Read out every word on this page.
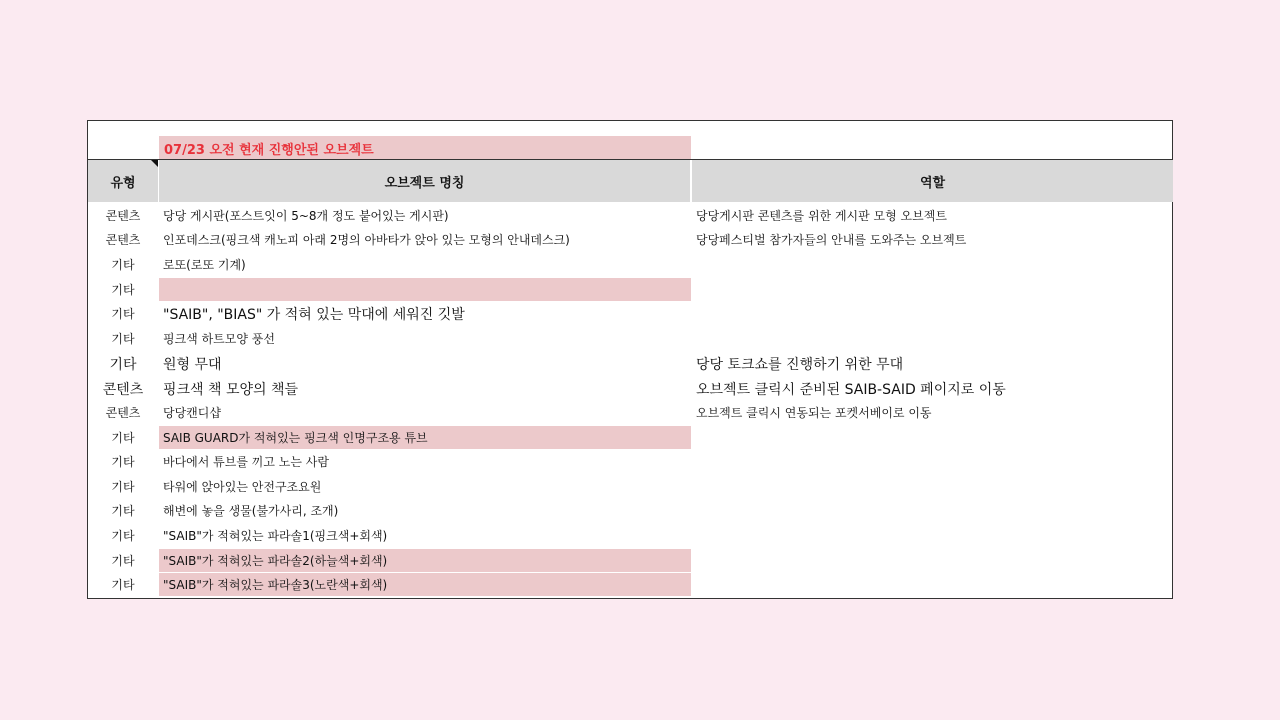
07/23 오전 현재 진행안된 오브젝트
유형	오브젝트 명칭	역할
콘텐츠	당당 게시판(포스트잇이 5~8개 정도 붙어있는 게시판)	당당게시판 콘텐츠를 위한 게시판 모형 오브젝트
콘텐츠	인포데스크(핑크색 캐노피 아래 2명의 아바타가 앉아 있는 모형의 안내데스크)	당당페스티벌 참가자들의 안내를 도와주는 오브젝트
기타	로또(로또 기계)
기타
기타	"SAIB", "BIAS" 가 적혀 있는 막대에 세워진 깃발
기타	핑크색 하트모양 풍선
기타	원형 무대	당당 토크쇼를 진행하기 위한 무대
콘텐츠	핑크색 책 모양의 책들	오브젝트 클릭시 준비된 SAIB-SAID 페이지로 이동
콘텐츠	당당캔디샵	오브젝트 클릭시 연동되는 포켓서베이로 이동
기타	SAIB GUARD가 적혀있는 핑크색 인명구조용 튜브
기타	바다에서 튜브를 끼고 노는 사람
기타	타워에 앉아있는 안전구조요원
기타	해변에 놓을 생물(불가사리, 조개)
기타	"SAIB"가 적혀있는 파라솔1(핑크색+회색)
기타	"SAIB"가 적혀있는 파라솔2(하늘색+회색)
기타	"SAIB"가 적혀있는 파라솔3(노란색+회색)
